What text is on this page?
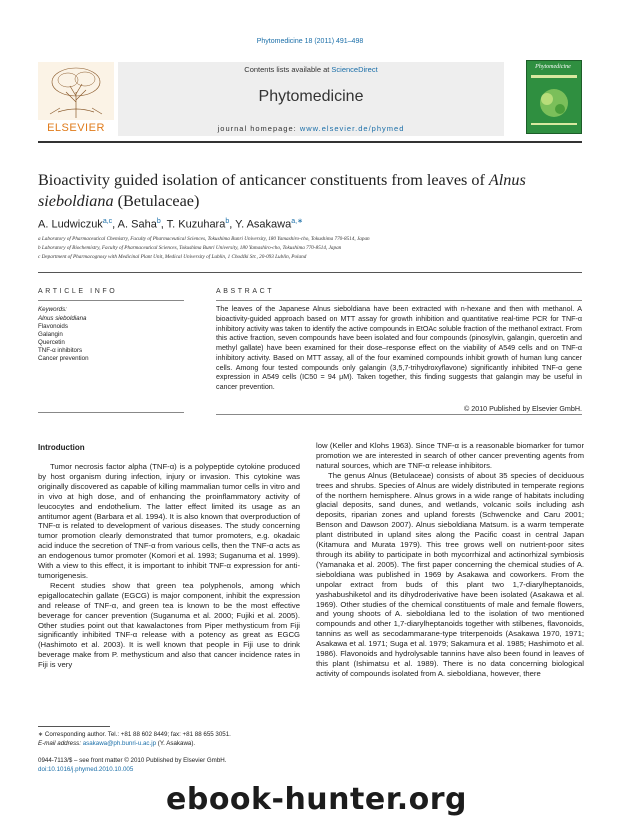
Phytomedicine 18 (2011) 491–498
ELSEVIER
Contents lists available at ScienceDirect
Phytomedicine
journal homepage: www.elsevier.de/phymed
Phytomedicine
Bioactivity guided isolation of anticancer constituents from leaves of Alnus
sieboldiana (Betulaceae)
A. Ludwiczuk$^{a,c}$, A. Saha$^b$, T. Kuzuhara$^b$, Y. Asakawa$^{a,∗}$
a Laboratory of Pharmaceutical Chemistry, Faculty of Pharmaceutical Sciences, Tokushima Bunri University, 180 Yamashiro-cho, Tokushima 770-8514, Japan
b Laboratory of Biochemistry, Faculty of Pharmaceutical Sciences, Tokushima Bunri University, 180 Yamashiro-cho, Tokushima 770-8514, Japan
c Department of Pharmacognosy with Medicinal Plant Unit, Medical University of Lublin, 1 Chodźki Str., 20-093 Lublin, Poland
ARTICLE INFO
Keywords:
Alnus sieboldiana
Flavonoids
Galangin
Quercetin
TNF-α inhibitors
Cancer prevention
ABSTRACT
The leaves of the Japanese Alnus sieboldiana have been extracted with n-hexane and then with methanol. A bioactivity-guided approach based on MTT assay for growth inhibition and quantitative real-time PCR for TNF-α inhibitory activity was taken to identify the active compounds in EtOAc soluble fraction of the methanol extract. From this active fraction, seven compounds have been isolated and four compounds (pinosylvin, galangin, quercetin and methyl gallate) have been examined for their dose–response effect on the viability of A549 cells and on TNF-α inhibitory activity. Based on MTT assay, all of the four examined compounds inhibit growth of human lung cancer cells. Among four tested compounds only galangin (3,5,7-trihydroxyflavone) significantly inhibited TNF-α gene expression in A549 cells (IC50 = 94 μM). Taken together, this finding suggests that galangin may be useful in cancer prevention.
© 2010 Published by Elsevier GmbH.
Introduction

Tumor necrosis factor alpha (TNF-α) is a polypeptide cytokine produced by host organism during infection, injury or invasion. This cytokine was originally discovered as capable of killing mammalian tumor cells in vitro and in vivo at high dose, and of enhancing the proinflammatory activity of leucocytes and endothelium. The latter effect limited its usage as an antitumor agent (Barbara et al. 1994). It is also known that overproduction of TNF-α is related to development of various diseases. The study concerning tumor promotion clearly demonstrated that tumor promoters, e.g. okadaic acid induce the secretion of TNF-α from various cells, then the TNF-α acts as an endogenous tumor promoter (Komori et al. 1993; Suganuma et al. 1999). With a view to this effect, it is important to inhibit TNF-α expression for anti-tumorigenesis.

Recent studies show that green tea polyphenols, among which epigallocatechin gallate (EGCG) is major component, inhibit the expression and release of TNF-α, and green tea is known to be the most effective beverage for cancer prevention (Suganuma et al. 2000; Fujiki et al. 2005). Other studies point out that kawalactones from Piper methysticum from Fiji significantly inhibited TNF-α release with a potency as great as EGCG (Hashimoto et al. 2003). It is well known that people in Fiji use to drink beverage make from P. methysticum and also that cancer incidence rates in Fiji is very

low (Keller and Klohs 1963). Since TNF-α is a reasonable biomarker for tumor promotion we are interested in search of other cancer preventing agents from natural sources, which are TNF-α release inhibitors.

The genus Alnus (Betulaceae) consists of about 35 species of deciduous trees and shrubs. Species of Alnus are widely distributed in temperate regions of the northern hemisphere. Alnus grows in a wide range of habitats including glacial deposits, sand dunes, and wetlands, volcanic soils including ash deposits, riparian zones and upland forests (Schwencke and Caru 2001; Benson and Dawson 2007). Alnus sieboldiana Matsum. is a warm temperate plant distributed in upland sites along the Pacific coast in central Japan (Kitamura and Murata 1979). This tree grows well on nutrient-poor sites through its ability to participate in both mycorrhizal and actinorhizal symbiosis (Yamanaka et al. 2005). The first paper concerning the chemical studies of A. sieboldiana was published in 1969 by Asakawa and coworkers. From the unpolar extract from buds of this plant two 1,7-diarylheptanoids, yashabushiketol and its dihydroderivative have been isolated (Asakawa et al. 1969). Other studies of the chemical constituents of male and female flowers, and young shoots of A. sieboldiana led to the isolation of two mentioned compounds and other 1,7-diarylheptanoids together with stilbenes, flavonoids, tannins as well as secodammarane-type triterpenoids (Asakawa 1970, 1971; Asakawa et al. 1971; Suga et al. 1979; Sakamura et al. 1985; Hashimoto et al. 1986). Flavonoids and hydrolysable tannins have also been found in leaves of this plant (Ishimatsu et al. 1989). There is no data concerning biological activity of compounds isolated from A. sieboldiana, however, there

∗ Corresponding author. Tel.: +81 88 602 8449; fax: +81 88 655 3051.
E-mail address: asakawa@ph.bunri-u.ac.jp (Y. Asakawa).
0944-7113/$ – see front matter © 2010 Published by Elsevier GmbH.
doi:10.1016/j.phymed.2010.10.005
ebook-hunter.org
